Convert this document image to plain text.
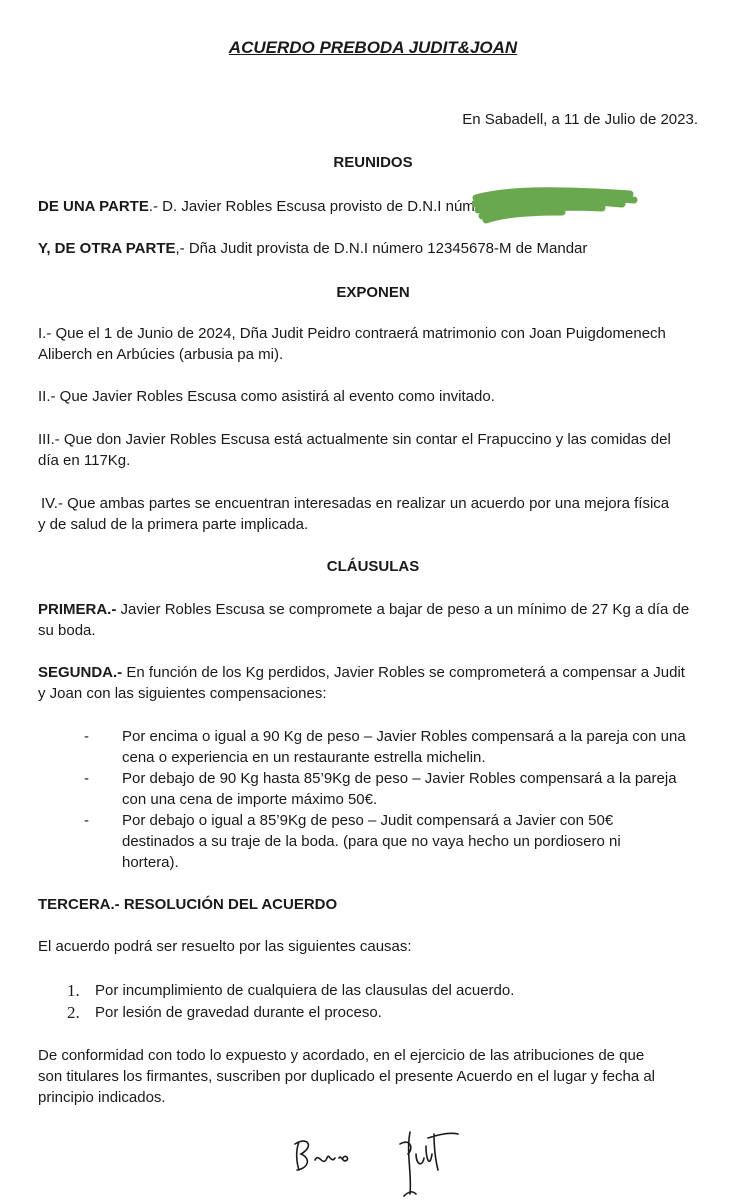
ACUERDO PREBODA JUDIT&JOAN
En Sabadell, a 11 de Julio de 2023.
REUNIDOS
DE UNA PARTE.- D. Javier Robles Escusa provisto de D.N.I número
Y, DE OTRA PARTE,- Dña Judit provista de D.N.I número 12345678-M de Mandar
EXPONEN
I.- Que el 1 de Junio de 2024, Dña Judit Peidro contraerá matrimonio con Joan Puigdomenech
Aliberch en Arbúcies (arbusia pa mi).
II.- Que Javier Robles Escusa como asistirá al evento como invitado.
III.- Que don Javier Robles Escusa está actualmente sin contar el Frapuccino y las comidas del
día en 117Kg.
IV.- Que ambas partes se encuentran interesadas en realizar un acuerdo por una mejora física
y de salud de la primera parte implicada.
CLÁUSULAS
PRIMERA.- Javier Robles Escusa se compromete a bajar de peso a un mínimo de 27 Kg a día de
su boda.
SEGUNDA.- En función de los Kg perdidos, Javier Robles se comprometerá a compensar a Judit
y Joan con las siguientes compensaciones:
- Por encima o igual a 90 Kg de peso – Javier Robles compensará a la pareja con una
cena o experiencia en un restaurante estrella michelin.
- Por debajo de 90 Kg hasta 85’9Kg de peso – Javier Robles compensará a la pareja
con una cena de importe máximo 50€.
- Por debajo o igual a 85’9Kg de peso – Judit compensará a Javier con 50€
destinados a su traje de la boda. (para que no vaya hecho un pordiosero ni
hortera).
TERCERA.- RESOLUCIÓN DEL ACUERDO
El acuerdo podrá ser resuelto por las siguientes causas:
1. Por incumplimiento de cualquiera de las clausulas del acuerdo.
2. Por lesión de gravedad durante el proceso.
De conformidad con todo lo expuesto y acordado, en el ejercicio de las atribuciones de que
son titulares los firmantes, suscriben por duplicado el presente Acuerdo en el lugar y fecha al
principio indicados.
